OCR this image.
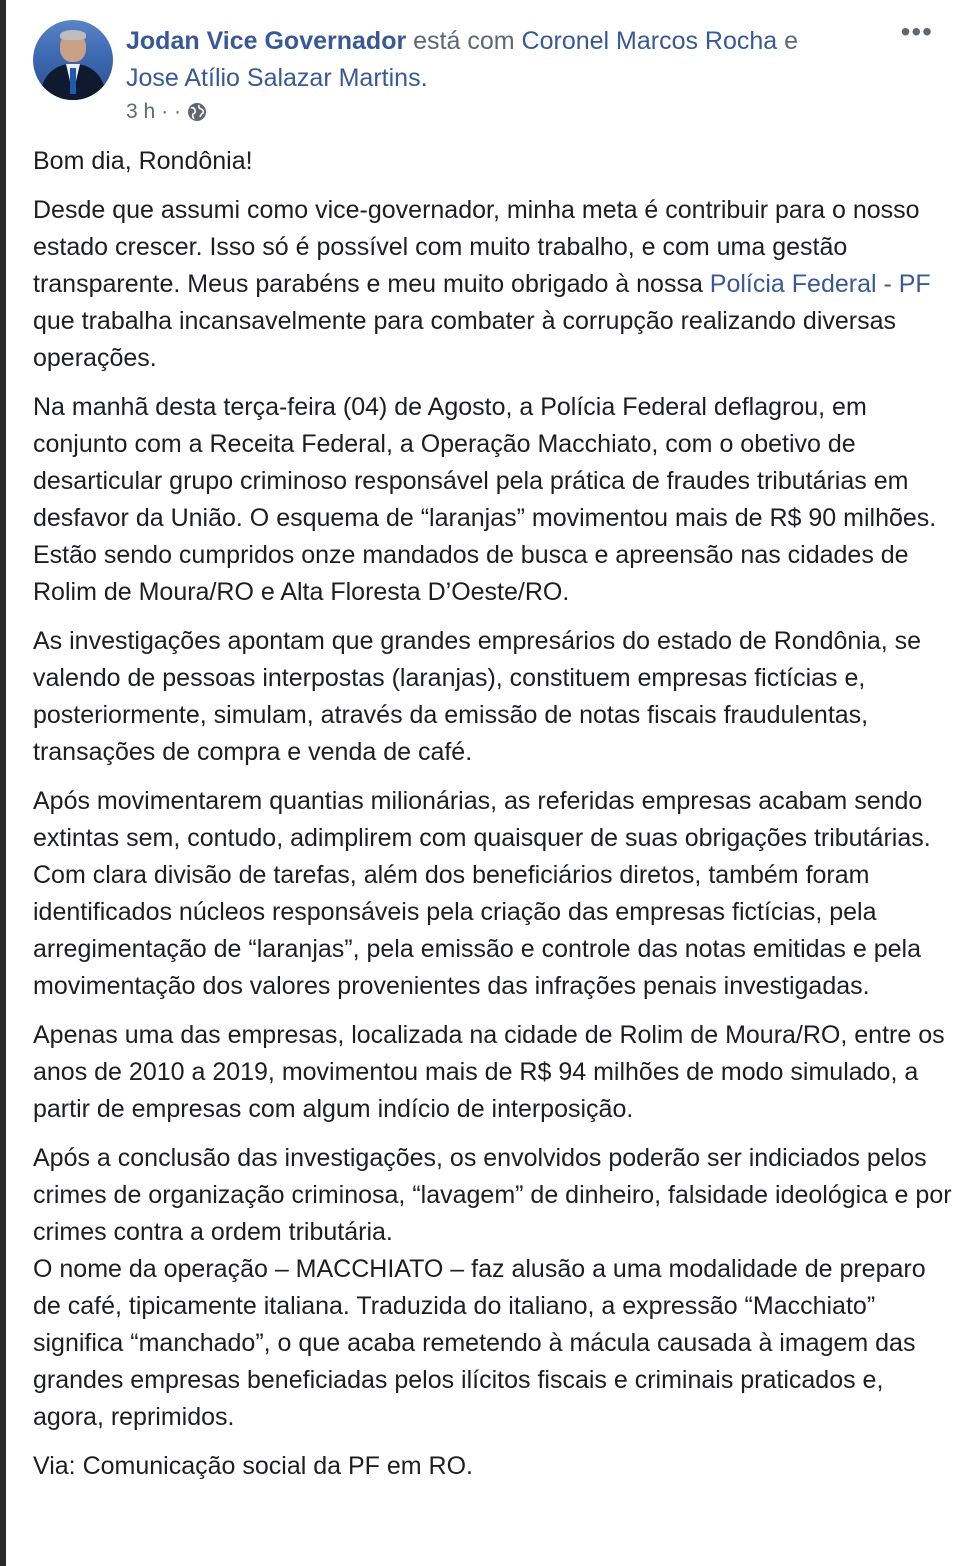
Jodan Vice Governador está com Coronel Marcos Rocha e
Jose Atílio Salazar Martins.
3 h · ·
•••

Bom dia, Rondônia!

Desde que assumi como vice-governador, minha meta é contribuir para o nosso estado crescer. Isso só é possível com muito trabalho, e com uma gestão transparente. Meus parabéns e meu muito obrigado à nossa Polícia Federal - PF que trabalha incansavelmente para combater à corrupção realizando diversas operações.

Na manhã desta terça-feira (04) de Agosto, a Polícia Federal deflagrou, em conjunto com a Receita Federal, a Operação Macchiato, com o obetivo de desarticular grupo criminoso responsável pela prática de fraudes tributárias em desfavor da União. O esquema de “laranjas” movimentou mais de R$ 90 milhões. Estão sendo cumpridos onze mandados de busca e apreensão nas cidades de Rolim de Moura/RO e Alta Floresta D’Oeste/RO.

As investigações apontam que grandes empresários do estado de Rondônia, se valendo de pessoas interpostas (laranjas), constituem empresas fictícias e, posteriormente, simulam, através da emissão de notas fiscais fraudulentas, transações de compra e venda de café.

Após movimentarem quantias milionárias, as referidas empresas acabam sendo extintas sem, contudo, adimplirem com quaisquer de suas obrigações tributárias.
Com clara divisão de tarefas, além dos beneficiários diretos, também foram identificados núcleos responsáveis pela criação das empresas fictícias, pela arregimentação de “laranjas”, pela emissão e controle das notas emitidas e pela movimentação dos valores provenientes das infrações penais investigadas.

Apenas uma das empresas, localizada na cidade de Rolim de Moura/RO, entre os anos de 2010 a 2019, movimentou mais de R$ 94 milhões de modo simulado, a partir de empresas com algum indício de interposição.

Após a conclusão das investigações, os envolvidos poderão ser indiciados pelos crimes de organização criminosa, “lavagem” de dinheiro, falsidade ideológica e por crimes contra a ordem tributária.
O nome da operação – MACCHIATO – faz alusão a uma modalidade de preparo de café, tipicamente italiana. Traduzida do italiano, a expressão “Macchiato” significa “manchado”, o que acaba remetendo à mácula causada à imagem das grandes empresas beneficiadas pelos ilícitos fiscais e criminais praticados e, agora, reprimidos.

Via: Comunicação social da PF em RO.
